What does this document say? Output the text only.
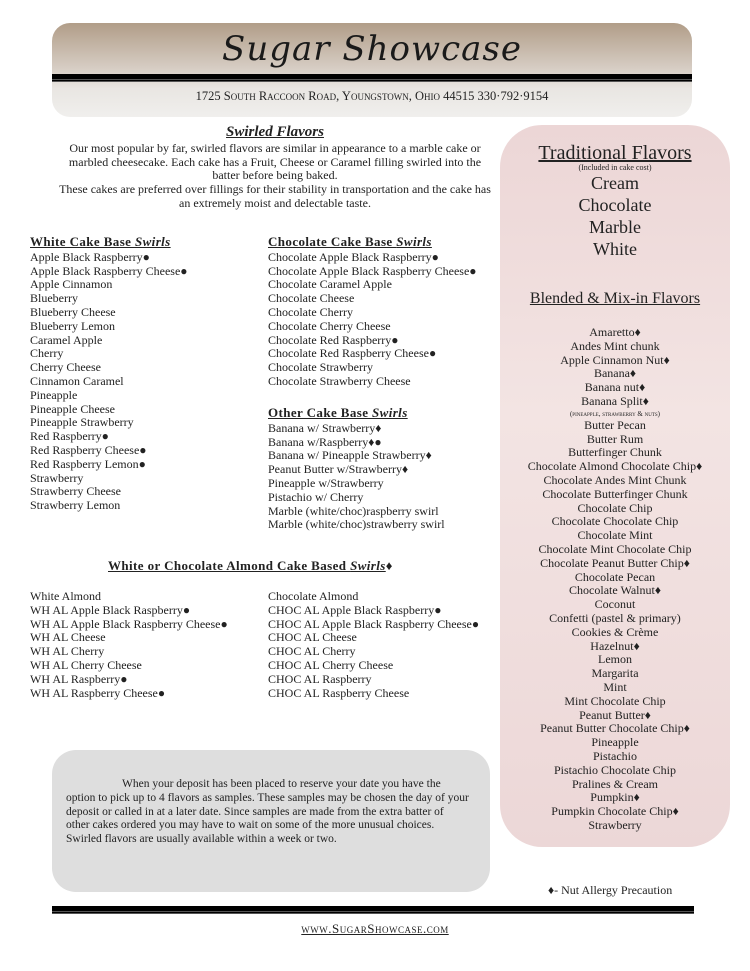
Sugar Showcase
1725 South Raccoon Road, Youngstown, Ohio 44515 330·792·9154
Swirled Flavors

Our most popular by far, swirled flavors are similar in appearance to a marble cake or marbled cheesecake. Each cake has a Fruit, Cheese or Caramel filling swirled into the batter before being baked.

These cakes are preferred over fillings for their stability in transportation and the cake has an extremely moist and delectable taste.

White Cake Base Swirls
Apple Black Raspberry●
Apple Black Raspberry Cheese●
Apple Cinnamon
Blueberry
Blueberry Cheese
Blueberry Lemon
Caramel Apple
Cherry
Cherry Cheese
Cinnamon Caramel
Pineapple
Pineapple Cheese
Pineapple Strawberry
Red Raspberry●
Red Raspberry Cheese●
Red Raspberry Lemon●
Strawberry
Strawberry Cheese
Strawberry Lemon
Chocolate Cake Base Swirls
Chocolate Apple Black Raspberry●
Chocolate Apple Black Raspberry Cheese●
Chocolate Caramel Apple
Chocolate Cheese
Chocolate Cherry
Chocolate Cherry Cheese
Chocolate Red Raspberry●
Chocolate Red Raspberry Cheese●
Chocolate Strawberry
Chocolate Strawberry Cheese
Other Cake Base Swirls
Banana w/ Strawberry♦
Banana w/Raspberry♦●
Banana w/ Pineapple Strawberry♦
Peanut Butter w/Strawberry♦
Pineapple w/Strawberry
Pistachio w/ Cherry
Marble (white/choc)raspberry swirl
Marble (white/choc)strawberry swirl
White or Chocolate Almond Cake Based Swirls♦
White Almond
WH AL Apple Black Raspberry●
WH AL Apple Black Raspberry Cheese●
WH AL Cheese
WH AL Cherry
WH AL Cherry Cheese
WH AL Raspberry●
WH AL Raspberry Cheese●
Chocolate Almond
CHOC AL Apple Black Raspberry●
CHOC AL Apple Black Raspberry Cheese●
CHOC AL Cheese
CHOC AL Cherry
CHOC AL Cherry Cheese
CHOC AL Raspberry
CHOC AL Raspberry Cheese
Traditional Flavors
(Included in cake cost)
Cream
Chocolate
Marble
White
Blended & Mix-in Flavors
Amaretto♦
Andes Mint chunk
Apple Cinnamon Nut♦
Banana♦
Banana nut♦
Banana Split♦
(pineapple, strawberry & nuts)
Butter Pecan
Butter Rum
Butterfinger Chunk
Chocolate Almond Chocolate Chip♦
Chocolate Andes Mint Chunk
Chocolate Butterfinger Chunk
Chocolate Chip
Chocolate Chocolate Chip
Chocolate Mint
Chocolate Mint Chocolate Chip
Chocolate Peanut Butter Chip♦
Chocolate Pecan
Chocolate Walnut♦
Coconut
Confetti (pastel & primary)
Cookies & Crème
Hazelnut♦
Lemon
Margarita
Mint
Mint Chocolate Chip
Peanut Butter♦
Peanut Butter Chocolate Chip♦
Pineapple
Pistachio
Pistachio Chocolate Chip
Pralines & Cream
Pumpkin♦
Pumpkin Chocolate Chip♦
Strawberry

When your deposit has been placed to reserve your date you have the option to pick up to 4 flavors as samples. These samples may be chosen the day of your deposit or called in at a later date. Since samples are made from the extra batter of other cakes ordered you may have to wait on some of the more unusual choices. Swirled flavors are usually available within a week or two.

♦- Nut Allergy Precaution
www.SugarShowcase.com
